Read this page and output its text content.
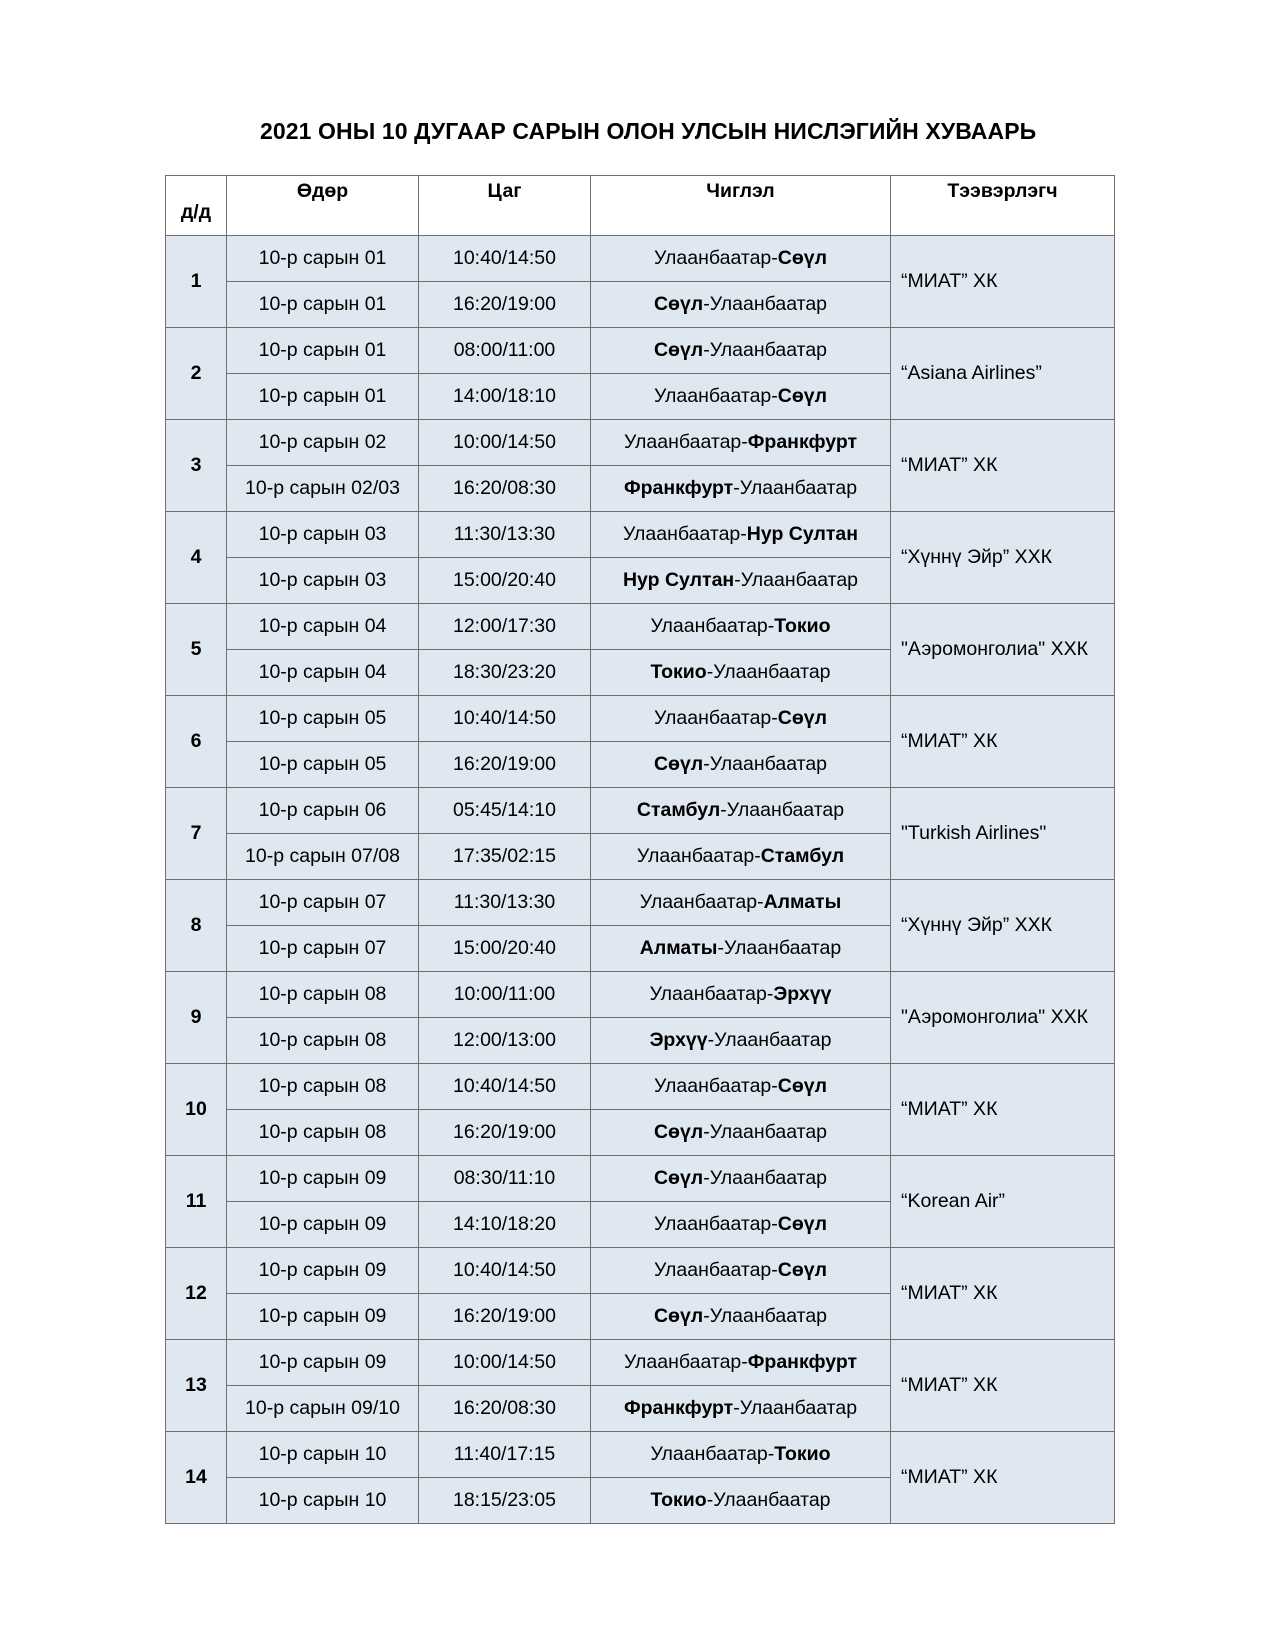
2021 ОНЫ 10 ДУГААР САРЫН ОЛОН УЛСЫН НИСЛЭГИЙН ХУВААРЬ
д/д	Өдөр	Цаг	Чиглэл	Тээвэрлэгч
1	10-р сарын 01	10:40/14:50	Улаанбаатар-Сөүл	“МИАТ” ХК
	10-р сарын 01	16:20/19:00	Сөүл-Улаанбаатар	
2	10-р сарын 01	08:00/11:00	Сөүл-Улаанбаатар	“Asiana Airlines”
	10-р сарын 01	14:00/18:10	Улаанбаатар-Сөүл	
3	10-р сарын 02	10:00/14:50	Улаанбаатар-Франкфурт	“МИАТ” ХК
	10-р сарын 02/03	16:20/08:30	Франкфурт-Улаанбаатар	
4	10-р сарын 03	11:30/13:30	Улаанбаатар-Нур Султан	“Хүннү Эйр” ХХК
	10-р сарын 03	15:00/20:40	Нур Султан-Улаанбаатар	
5	10-р сарын 04	12:00/17:30	Улаанбаатар-Токио	"Аэромонголиа" ХХК
	10-р сарын 04	18:30/23:20	Токио-Улаанбаатар	
6	10-р сарын 05	10:40/14:50	Улаанбаатар-Сөүл	“МИАТ” ХК
	10-р сарын 05	16:20/19:00	Сөүл-Улаанбаатар	
7	10-р сарын 06	05:45/14:10	Стамбул-Улаанбаатар	"Turkish Airlines"
	10-р сарын 07/08	17:35/02:15	Улаанбаатар-Стамбул	
8	10-р сарын 07	11:30/13:30	Улаанбаатар-Алматы	“Хүннү Эйр” ХХК
	10-р сарын 07	15:00/20:40	Алматы-Улаанбаатар	
9	10-р сарын 08	10:00/11:00	Улаанбаатар-Эрхүү	"Аэромонголиа" ХХК
	10-р сарын 08	12:00/13:00	Эрхүү-Улаанбаатар	
10	10-р сарын 08	10:40/14:50	Улаанбаатар-Сөүл	“МИАТ” ХК
	10-р сарын 08	16:20/19:00	Сөүл-Улаанбаатар	
11	10-р сарын 09	08:30/11:10	Сөүл-Улаанбаатар	“Korean Air”
	10-р сарын 09	14:10/18:20	Улаанбаатар-Сөүл	
12	10-р сарын 09	10:40/14:50	Улаанбаатар-Сөүл	“МИАТ” ХК
	10-р сарын 09	16:20/19:00	Сөүл-Улаанбаатар	
13	10-р сарын 09	10:00/14:50	Улаанбаатар-Франкфурт	“МИАТ” ХК
	10-р сарын 09/10	16:20/08:30	Франкфурт-Улаанбаатар	
14	10-р сарын 10	11:40/17:15	Улаанбаатар-Токио	“МИАТ” ХК
	10-р сарын 10	18:15/23:05	Токио-Улаанбаатар	
